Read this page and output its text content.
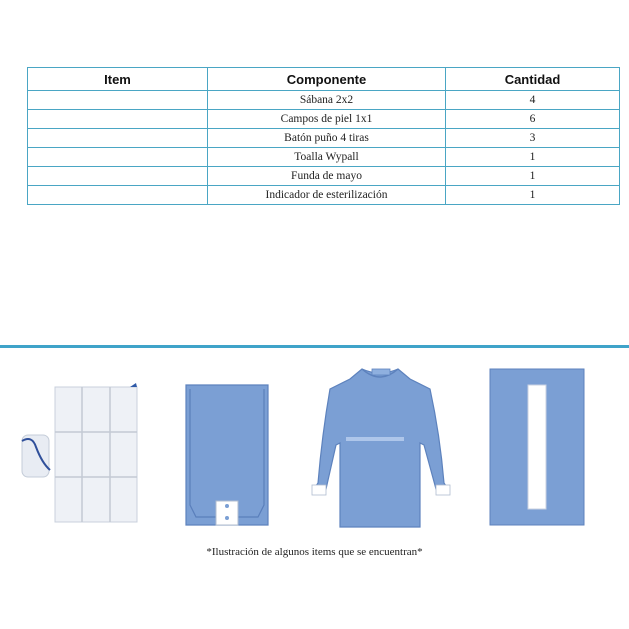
Item	Componente	Cantidad
	Sábana 2x2	4
	Campos de piel 1x1	6
	Batón puño 4 tiras	3
	Toalla Wypall	1
	Funda de mayo	1
	Indicador de esterilización	1
*Ilustración de algunos items que se encuentran*
